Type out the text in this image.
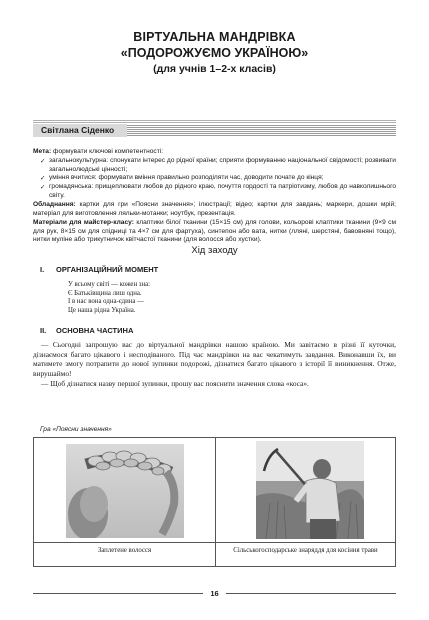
ВІРТУАЛЬНА МАНДРІВКА
«ПОДОРОЖУЄМО УКРАЇНОЮ»
(для учнів 1–2-х класів)
Світлана Сіденко
Мета: формувати ключові компетентності:
✓ загальнокультурна: спонукати інтерес до рідної країни; сприяти формуванню національної свідомості; розвивати загальнолюдські цінності;
✓ уміння вчитися: формувати вміння правильно розподіляти час, доводити почате до кінця;
✓ громадянська: прищеплювати любов до рідного краю, почуття гордості та патріотизму, любов до навколишнього світу.
Обладнання: картки для гри «Поясни значення»; ілюстрації; відео; картки для завдань; маркери, дошки мрій; матеріал для виготовлення ляльки-мотанки; ноутбук, презентація.
Матеріали для майстер-класу: клаптики білої тканини (15×15 см) для голови, кольорові клаптики тканини (9×9 см для рук, 8×15 см для спідниці та 4×7 см для фартуха), синтепон або вата, нитки (лляні, шерстяні, бавовняні тощо), нитки муліне або трикутничок квітчастої тканини (для волосся або хустки).
Хід заходу
I. ОРГАНІЗАЦІЙНИЙ МОМЕНТ
У всьому світі — кожен зна:
Є Батьківщина лиш одна.
І в нас вона одна-єдина —
Це наша рідна Україна.
II. ОСНОВНА ЧАСТИНА
— Сьогодні запрошую вас до віртуальної мандрівки нашою країною. Ми завітаємо в різні її куточки, дізнаємося багато цікавого і несподіваного. Під час мандрівки на вас чекатимуть завдання. Виконавши їх, ви матимете змогу потрапити до нової зупинки подорожі, дізнатися багато цікавого з історії її виникнення. Отже, вирушаймо!
— Щоб дізнатися назву першої зупинки, прошу вас пояснити значення слова «коса».
Гра «Поясни значення»
Заплетене волосся	Сільськогосподарське знаряддя для косіння трави
16
